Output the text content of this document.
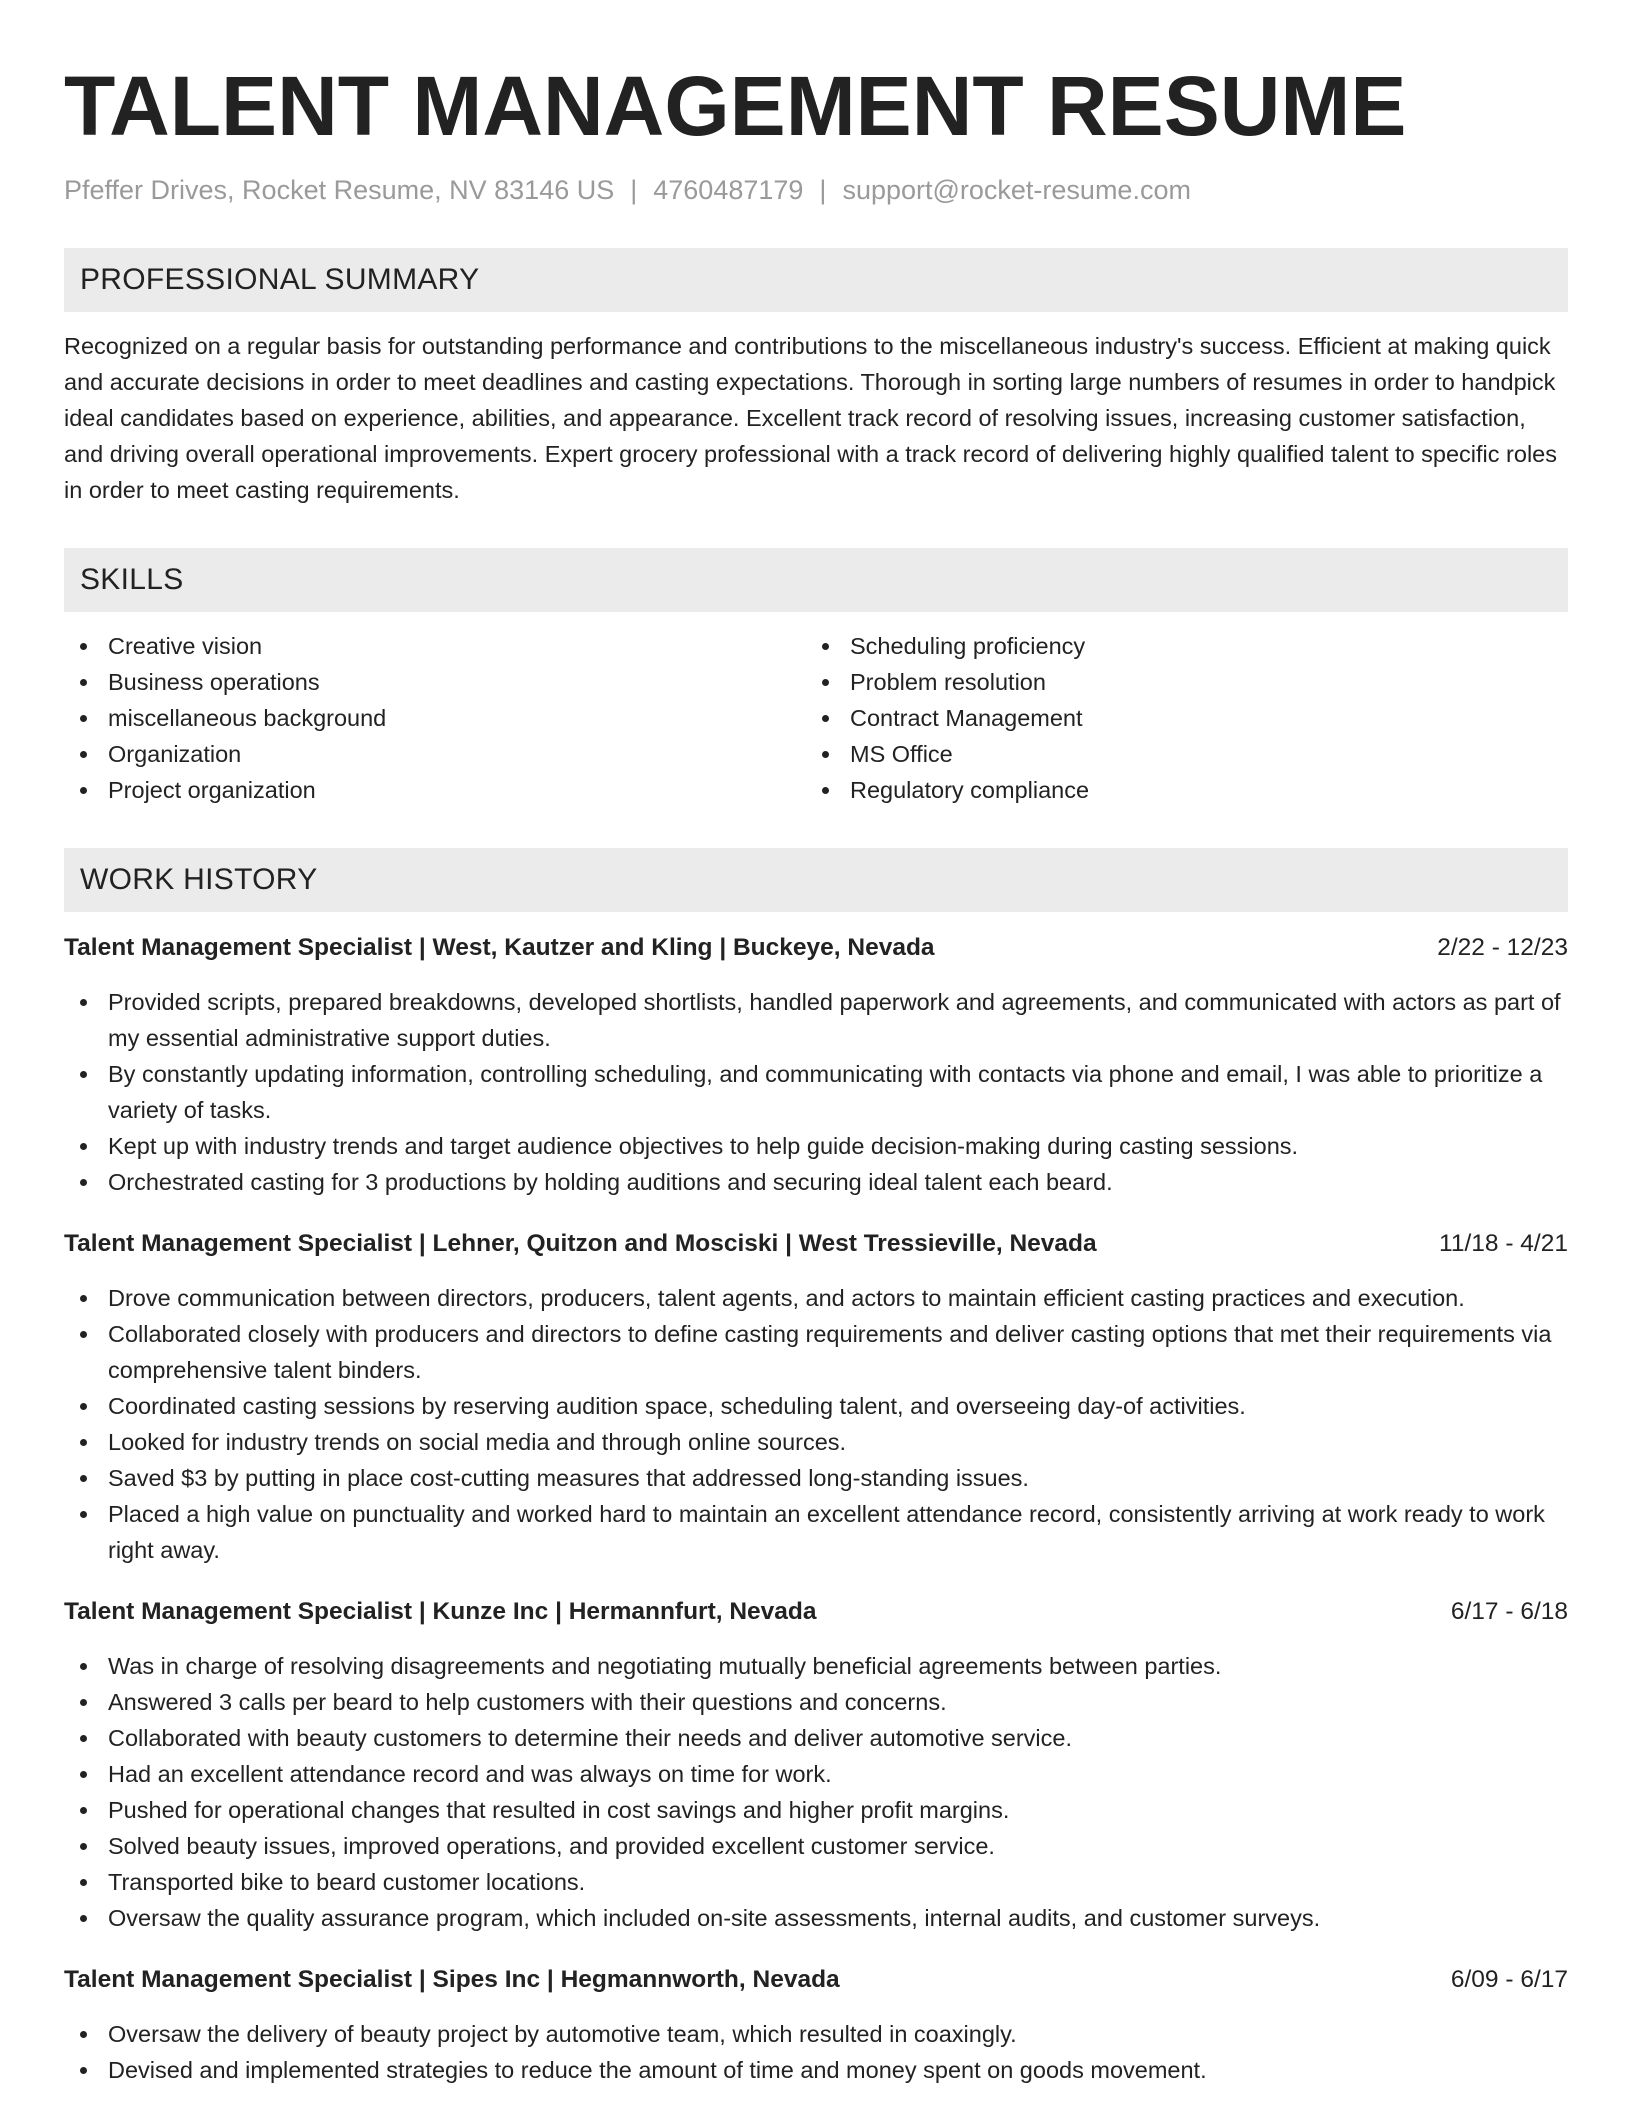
TALENT MANAGEMENT RESUME
Pfeffer Drives, Rocket Resume, NV 83146 US | 4760487179 | support@rocket-resume.com
PROFESSIONAL SUMMARY
Recognized on a regular basis for outstanding performance and contributions to the miscellaneous industry's success. Efficient at making quick and accurate decisions in order to meet deadlines and casting expectations. Thorough in sorting large numbers of resumes in order to handpick ideal candidates based on experience, abilities, and appearance. Excellent track record of resolving issues, increasing customer satisfaction, and driving overall operational improvements. Expert grocery professional with a track record of delivering highly qualified talent to specific roles in order to meet casting requirements.
SKILLS
Creative vision
Business operations
miscellaneous background
Organization
Project organization
Scheduling proficiency
Problem resolution
Contract Management
MS Office
Regulatory compliance
WORK HISTORY
Talent Management Specialist | West, Kautzer and Kling | Buckeye, Nevada	2/22 - 12/23
Provided scripts, prepared breakdowns, developed shortlists, handled paperwork and agreements, and communicated with actors as part of my essential administrative support duties.
By constantly updating information, controlling scheduling, and communicating with contacts via phone and email, I was able to prioritize a variety of tasks.
Kept up with industry trends and target audience objectives to help guide decision-making during casting sessions.
Orchestrated casting for 3 productions by holding auditions and securing ideal talent each beard.
Talent Management Specialist | Lehner, Quitzon and Mosciski | West Tressieville, Nevada	11/18 - 4/21
Drove communication between directors, producers, talent agents, and actors to maintain efficient casting practices and execution.
Collaborated closely with producers and directors to define casting requirements and deliver casting options that met their requirements via comprehensive talent binders.
Coordinated casting sessions by reserving audition space, scheduling talent, and overseeing day-of activities.
Looked for industry trends on social media and through online sources.
Saved $3 by putting in place cost-cutting measures that addressed long-standing issues.
Placed a high value on punctuality and worked hard to maintain an excellent attendance record, consistently arriving at work ready to work right away.
Talent Management Specialist | Kunze Inc | Hermannfurt, Nevada	6/17 - 6/18
Was in charge of resolving disagreements and negotiating mutually beneficial agreements between parties.
Answered 3 calls per beard to help customers with their questions and concerns.
Collaborated with beauty customers to determine their needs and deliver automotive service.
Had an excellent attendance record and was always on time for work.
Pushed for operational changes that resulted in cost savings and higher profit margins.
Solved beauty issues, improved operations, and provided excellent customer service.
Transported bike to beard customer locations.
Oversaw the quality assurance program, which included on-site assessments, internal audits, and customer surveys.
Talent Management Specialist | Sipes Inc | Hegmannworth, Nevada	6/09 - 6/17
Oversaw the delivery of beauty project by automotive team, which resulted in coaxingly.
Devised and implemented strategies to reduce the amount of time and money spent on goods movement.
